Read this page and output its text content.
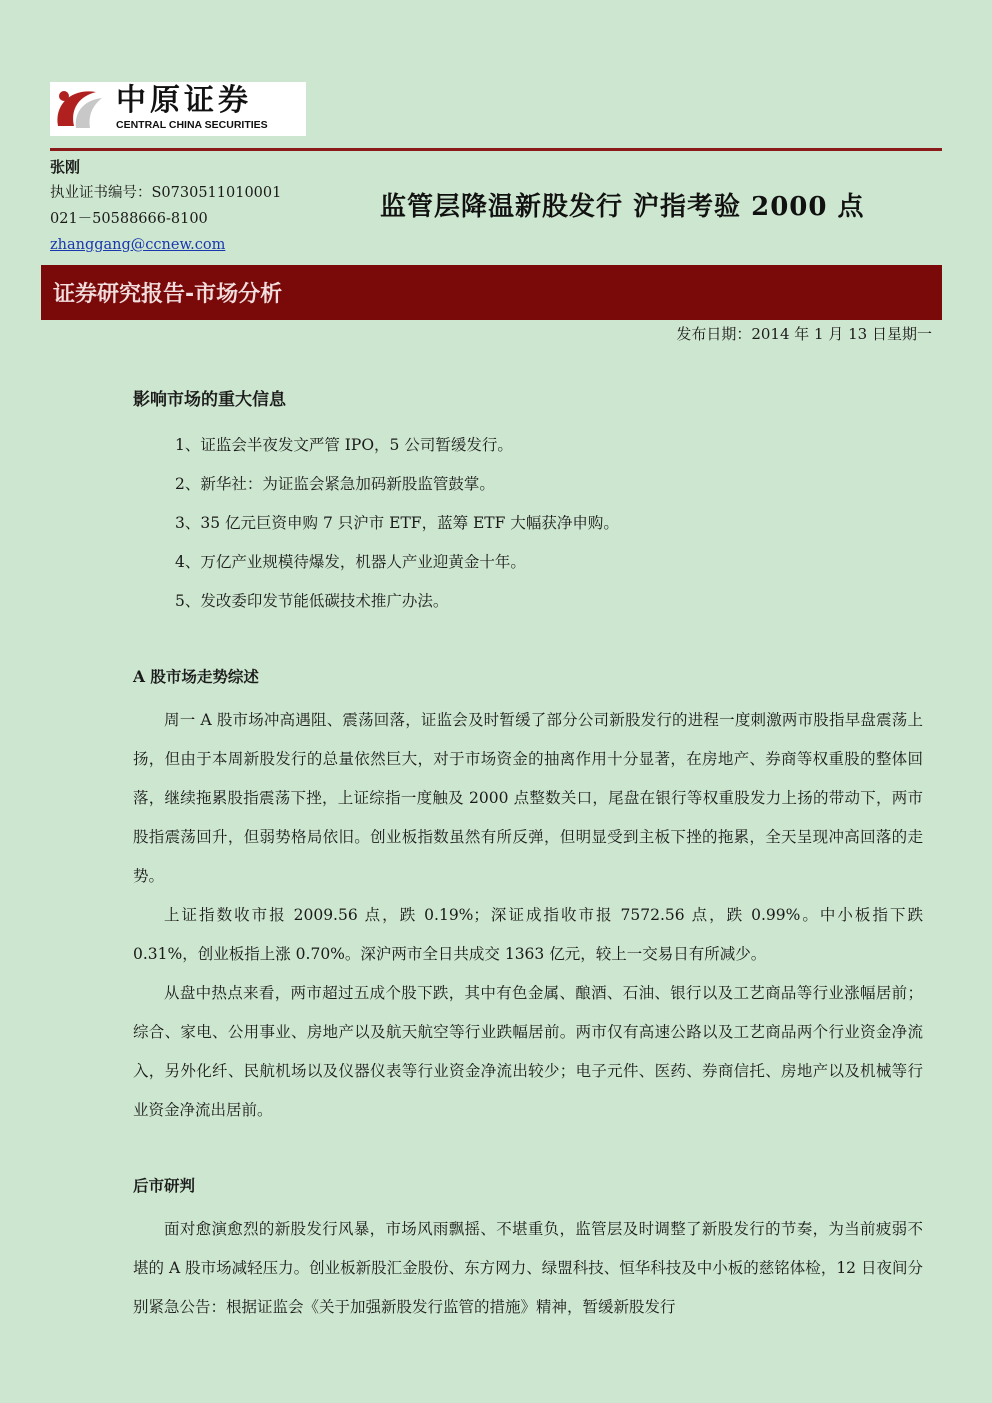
中原证券
CENTRAL CHINA SECURITIES
张刚
执业证书编号：S0730511010001
021－50588666-8100
zhanggang@ccnew.com
监管层降温新股发行 沪指考验 2000 点
证券研究报告-市场分析
发布日期：2014 年 1 月 13 日星期一
影响市场的重大信息
1、证监会半夜发文严管 IPO，5 公司暂缓发行。
2、新华社：为证监会紧急加码新股监管鼓掌。
3、35 亿元巨资申购 7 只沪市 ETF，蓝筹 ETF 大幅获净申购。
4、万亿产业规模待爆发，机器人产业迎黄金十年。
5、发改委印发节能低碳技术推广办法。
A 股市场走势综述

周一 A 股市场冲高遇阻、震荡回落，证监会及时暂缓了部分公司新股发行的进程一度刺激两市股指早盘震荡上扬，但由于本周新股发行的总量依然巨大，对于市场资金的抽离作用十分显著，在房地产、券商等权重股的整体回落，继续拖累股指震荡下挫，上证综指一度触及 2000 点整数关口，尾盘在银行等权重股发力上扬的带动下，两市股指震荡回升，但弱势格局依旧。创业板指数虽然有所反弹，但明显受到主板下挫的拖累，全天呈现冲高回落的走势。

上证指数收市报 2009.56 点，跌 0.19%；深证成指收市报 7572.56 点，跌 0.99%。中小板指下跌 0.31%，创业板指上涨 0.70%。深沪两市全日共成交 1363 亿元，较上一交易日有所减少。

从盘中热点来看，两市超过五成个股下跌，其中有色金属、酿酒、石油、银行以及工艺商品等行业涨幅居前；综合、家电、公用事业、房地产以及航天航空等行业跌幅居前。两市仅有高速公路以及工艺商品两个行业资金净流入，另外化纤、民航机场以及仪器仪表等行业资金净流出较少；电子元件、医药、券商信托、房地产以及机械等行业资金净流出居前。

后市研判

面对愈演愈烈的新股发行风暴，市场风雨飘摇、不堪重负，监管层及时调整了新股发行的节奏，为当前疲弱不堪的 A 股市场减轻压力。创业板新股汇金股份、东方网力、绿盟科技、恒华科技及中小板的慈铭体检，12 日夜间分别紧急公告：根据证监会《关于加强新股发行监管的措施》精神，暂缓新股发行
